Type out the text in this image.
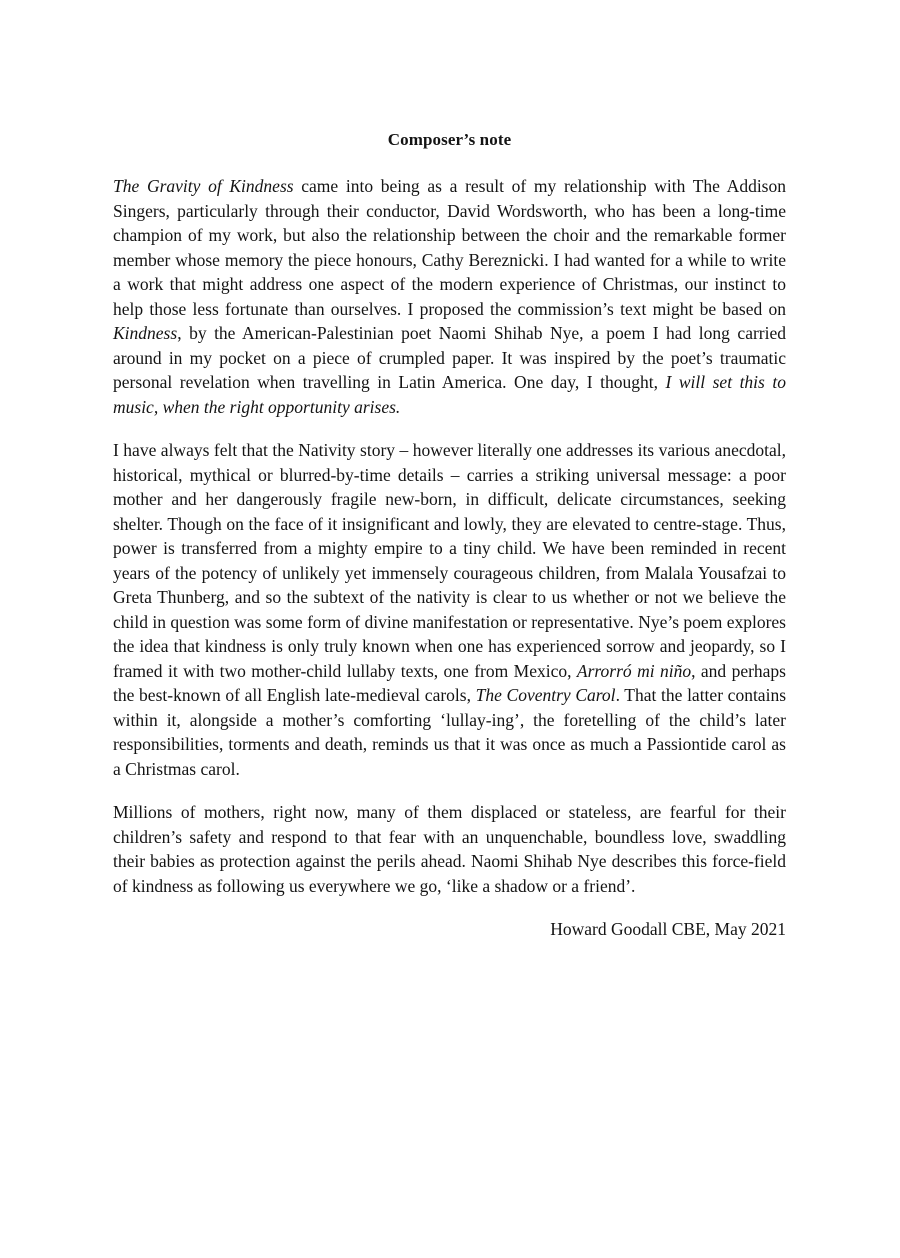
Composer’s note

The Gravity of Kindness came into being as a result of my relationship with The Addison Singers, particularly through their conductor, David Wordsworth, who has been a long-time champion of my work, but also the relationship between the choir and the remarkable former member whose memory the piece honours, Cathy Bereznicki. I had wanted for a while to write a work that might address one aspect of the modern experience of Christmas, our instinct to help those less fortunate than ourselves. I proposed the commission’s text might be based on Kindness, by the American-Palestinian poet Naomi Shihab Nye, a poem I had long carried around in my pocket on a piece of crumpled paper. It was inspired by the poet’s traumatic personal revelation when travelling in Latin America. One day, I thought, I will set this to music, when the right opportunity arises.

I have always felt that the Nativity story – however literally one addresses its various anecdotal, historical, mythical or blurred-by-time details – carries a striking universal message: a poor mother and her dangerously fragile new-born, in difficult, delicate circumstances, seeking shelter. Though on the face of it insignificant and lowly, they are elevated to centre-stage. Thus, power is transferred from a mighty empire to a tiny child. We have been reminded in recent years of the potency of unlikely yet immensely courageous children, from Malala Yousafzai to Greta Thunberg, and so the subtext of the nativity is clear to us whether or not we believe the child in question was some form of divine manifestation or representative. Nye’s poem explores the idea that kindness is only truly known when one has experienced sorrow and jeopardy, so I framed it with two mother-child lullaby texts, one from Mexico, Arrorró mi niño, and perhaps the best-known of all English late-medieval carols, The Coventry Carol. That the latter contains within it, alongside a mother’s comforting ‘lullay-ing’, the foretelling of the child’s later responsibilities, torments and death, reminds us that it was once as much a Passiontide carol as a Christmas carol.

Millions of mothers, right now, many of them displaced or stateless, are fearful for their children’s safety and respond to that fear with an unquenchable, boundless love, swaddling their babies as protection against the perils ahead. Naomi Shihab Nye describes this force-field of kindness as following us everywhere we go, ‘like a shadow or a friend’.

Howard Goodall CBE, May 2021
